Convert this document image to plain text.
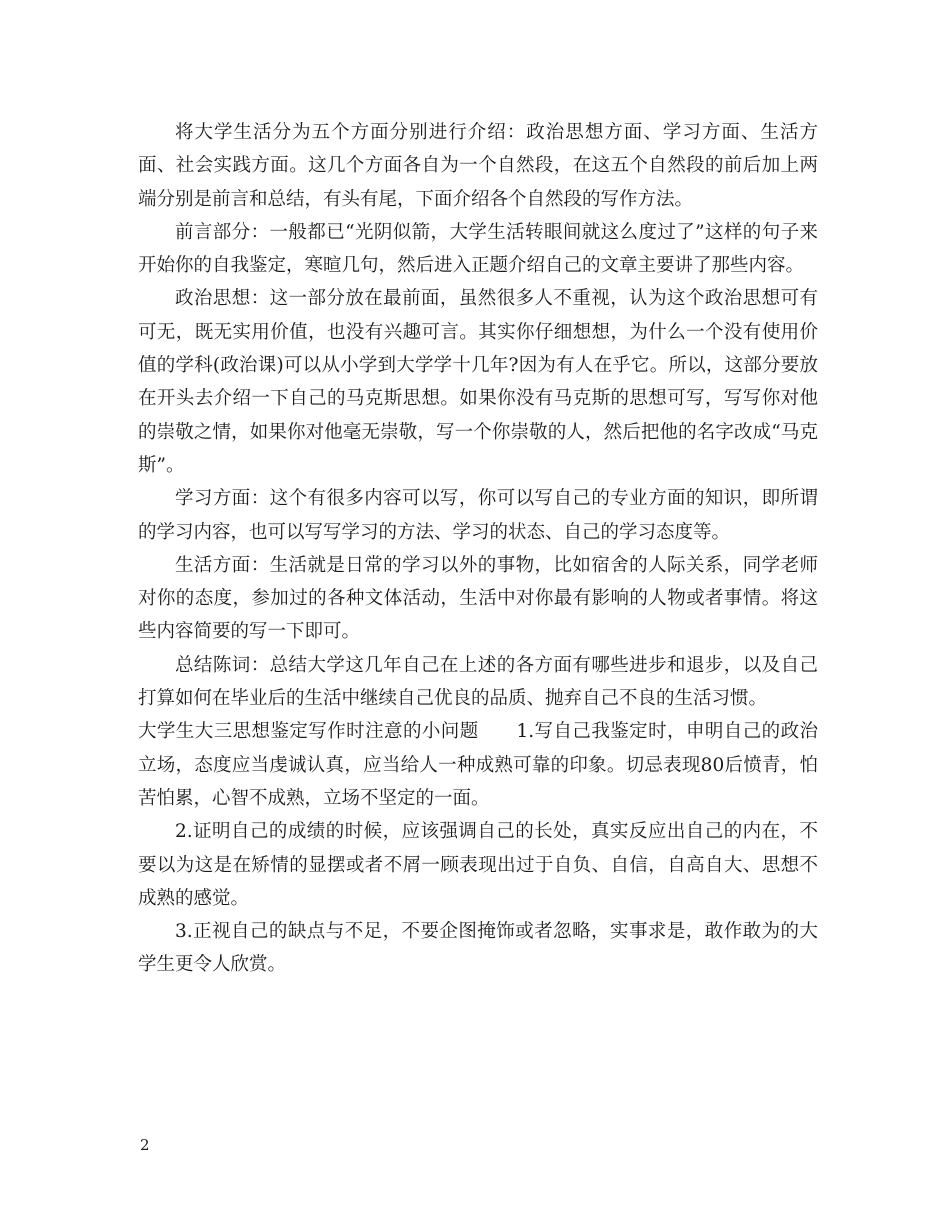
将大学生活分为五个方面分别进行介绍：政治思想方面、学习方面、生活方面、社会实践方面。这几个方面各自为一个自然段，在这五个自然段的前后加上两端分别是前言和总结，有头有尾，下面介绍各个自然段的写作方法。

前言部分：一般都已“光阴似箭，大学生活转眼间就这么度过了”这样的句子来开始你的自我鉴定，寒暄几句，然后进入正题介绍自己的文章主要讲了那些内容。

政治思想：这一部分放在最前面，虽然很多人不重视，认为这个政治思想可有可无，既无实用价值，也没有兴趣可言。其实你仔细想想，为什么一个没有使用价值的学科(政治课)可以从小学到大学学十几年?因为有人在乎它。所以，这部分要放在开头去介绍一下自己的马克斯思想。如果你没有马克斯的思想可写，写写你对他的崇敬之情，如果你对他毫无崇敬，写一个你崇敬的人，然后把他的名字改成“马克斯”。

学习方面：这个有很多内容可以写，你可以写自己的专业方面的知识，即所谓的学习内容，也可以写写学习的方法、学习的状态、自己的学习态度等。

生活方面：生活就是日常的学习以外的事物，比如宿舍的人际关系，同学老师对你的态度，参加过的各种文体活动，生活中对你最有影响的人物或者事情。将这些内容简要的写一下即可。

总结陈词：总结大学这几年自己在上述的各方面有哪些进步和退步，以及自己打算如何在毕业后的生活中继续自己优良的品质、抛弃自己不良的生活习惯。

大学生大三思想鉴定写作时注意的小问题　　1.写自己我鉴定时，申明自己的政治立场，态度应当虔诚认真，应当给人一种成熟可靠的印象。切忌表现80后愤青，怕苦怕累，心智不成熟，立场不坚定的一面。

2.证明自己的成绩的时候，应该强调自己的长处，真实反应出自己的内在，不要以为这是在矫情的显摆或者不屑一顾表现出过于自负、自信，自高自大、思想不成熟的感觉。

3.正视自己的缺点与不足，不要企图掩饰或者忽略，实事求是，敢作敢为的大学生更令人欣赏。

2
